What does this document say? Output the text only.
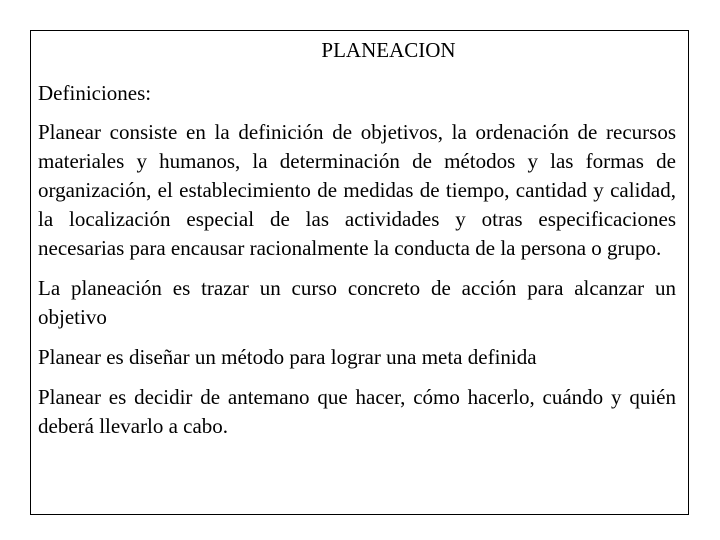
PLANEACION

Definiciones:

Planear consiste en la definición de objetivos, la ordenación de recursos materiales y humanos, la determinación de métodos y las formas de organización, el establecimiento de medidas de tiempo, cantidad y calidad, la localización especial de las actividades y otras especificaciones necesarias para encausar racionalmente la conducta de la persona o grupo.

La planeación es trazar un curso concreto de acción para alcanzar un objetivo

Planear es diseñar un método para lograr una meta definida

Planear es decidir de antemano que hacer, cómo hacerlo, cuándo y quién deberá llevarlo a cabo.
